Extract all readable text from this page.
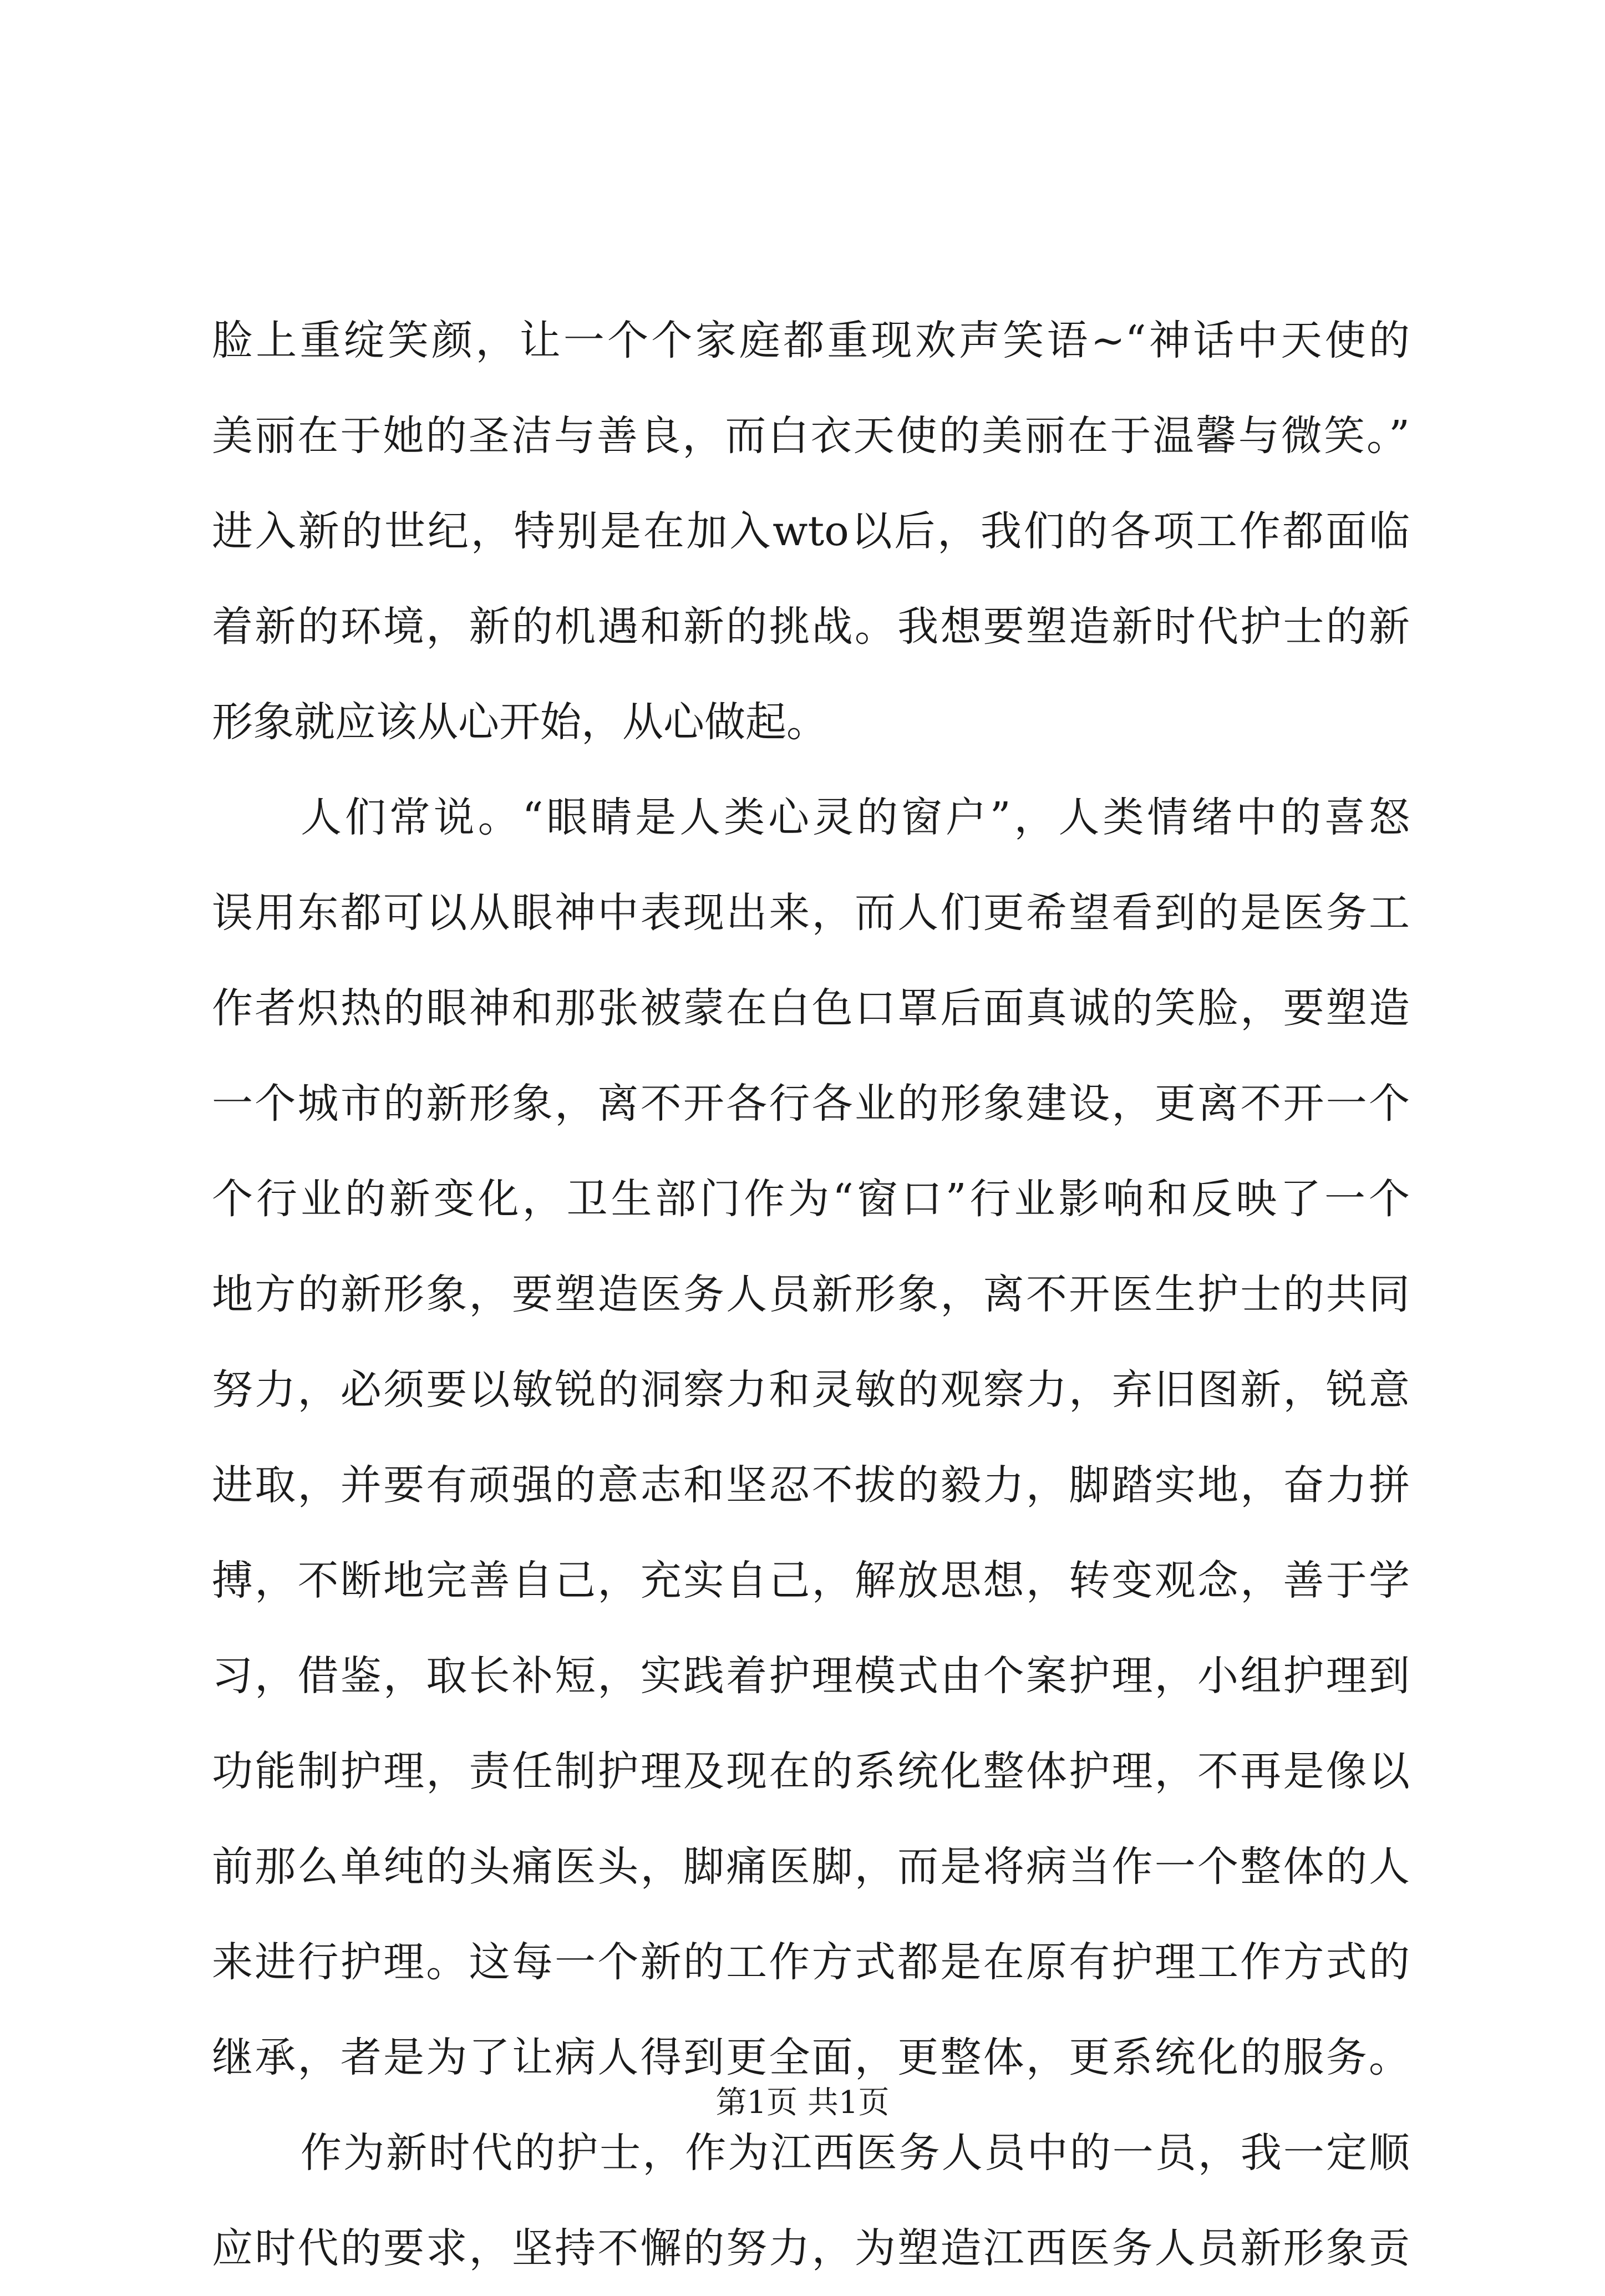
脸上重绽笑颜，让一个个家庭都重现欢声笑语~“神话中天使的
美丽在于她的圣洁与善良，而白衣天使的美丽在于温馨与微笑。”
进入新的世纪，特别是在加入wto以后，我们的各项工作都面临
着新的环境，新的机遇和新的挑战。我想要塑造新时代护士的新
形象就应该从心开始，从心做起。
人们常说。“眼睛是人类心灵的窗户”，人类情绪中的喜怒
误用东都可以从眼神中表现出来，而人们更希望看到的是医务工
作者炽热的眼神和那张被蒙在白色口罩后面真诚的笑脸，要塑造
一个城市的新形象，离不开各行各业的形象建设，更离不开一个
个行业的新变化，卫生部门作为“窗口”行业影响和反映了一个
地方的新形象，要塑造医务人员新形象，离不开医生护士的共同
努力，必须要以敏锐的洞察力和灵敏的观察力，弃旧图新，锐意
进取，并要有顽强的意志和坚忍不拔的毅力，脚踏实地，奋力拼
搏，不断地完善自己，充实自己，解放思想，转变观念，善于学
习，借鉴，取长补短，实践着护理模式由个案护理，小组护理到
功能制护理，责任制护理及现在的系统化整体护理，不再是像以
前那么单纯的头痛医头，脚痛医脚，而是将病当作一个整体的人
来进行护理。这每一个新的工作方式都是在原有护理工作方式的
继承，者是为了让病人得到更全面，更整体，更系统化的服务。
作为新时代的护士，作为江西医务人员中的一员，我一定顺
应时代的要求，坚持不懈的努力，为塑造江西医务人员新形象贡
第1页 共1页
